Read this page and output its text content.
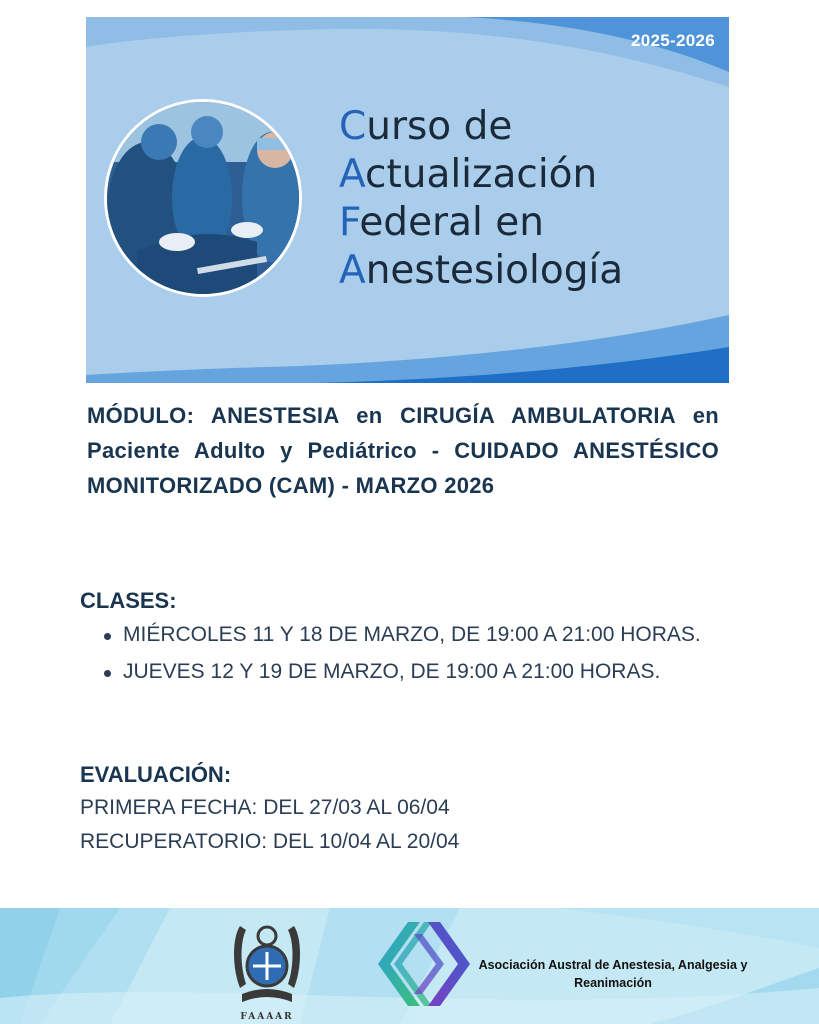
2025-2026
Curso de
Actualización
Federal en
Anestesiología
MÓDULO: ANESTESIA en CIRUGÍA AMBULATORIA en Paciente Adulto y Pediátrico - CUIDADO ANESTÉSICO MONITORIZADO (CAM) - MARZO 2026
CLASES:
MIÉRCOLES 11 Y 18 DE MARZO, DE 19:00 A 21:00 HORAS.
JUEVES 12 Y 19 DE MARZO, DE 19:00 A 21:00 HORAS.
EVALUACIÓN:
PRIMERA FECHA: DEL 27/03 AL 06/04
RECUPERATORIO: DEL 10/04 AL 20/04
FAAAAR
Asociación Austral de Anestesia, Analgesia y Reanimación
